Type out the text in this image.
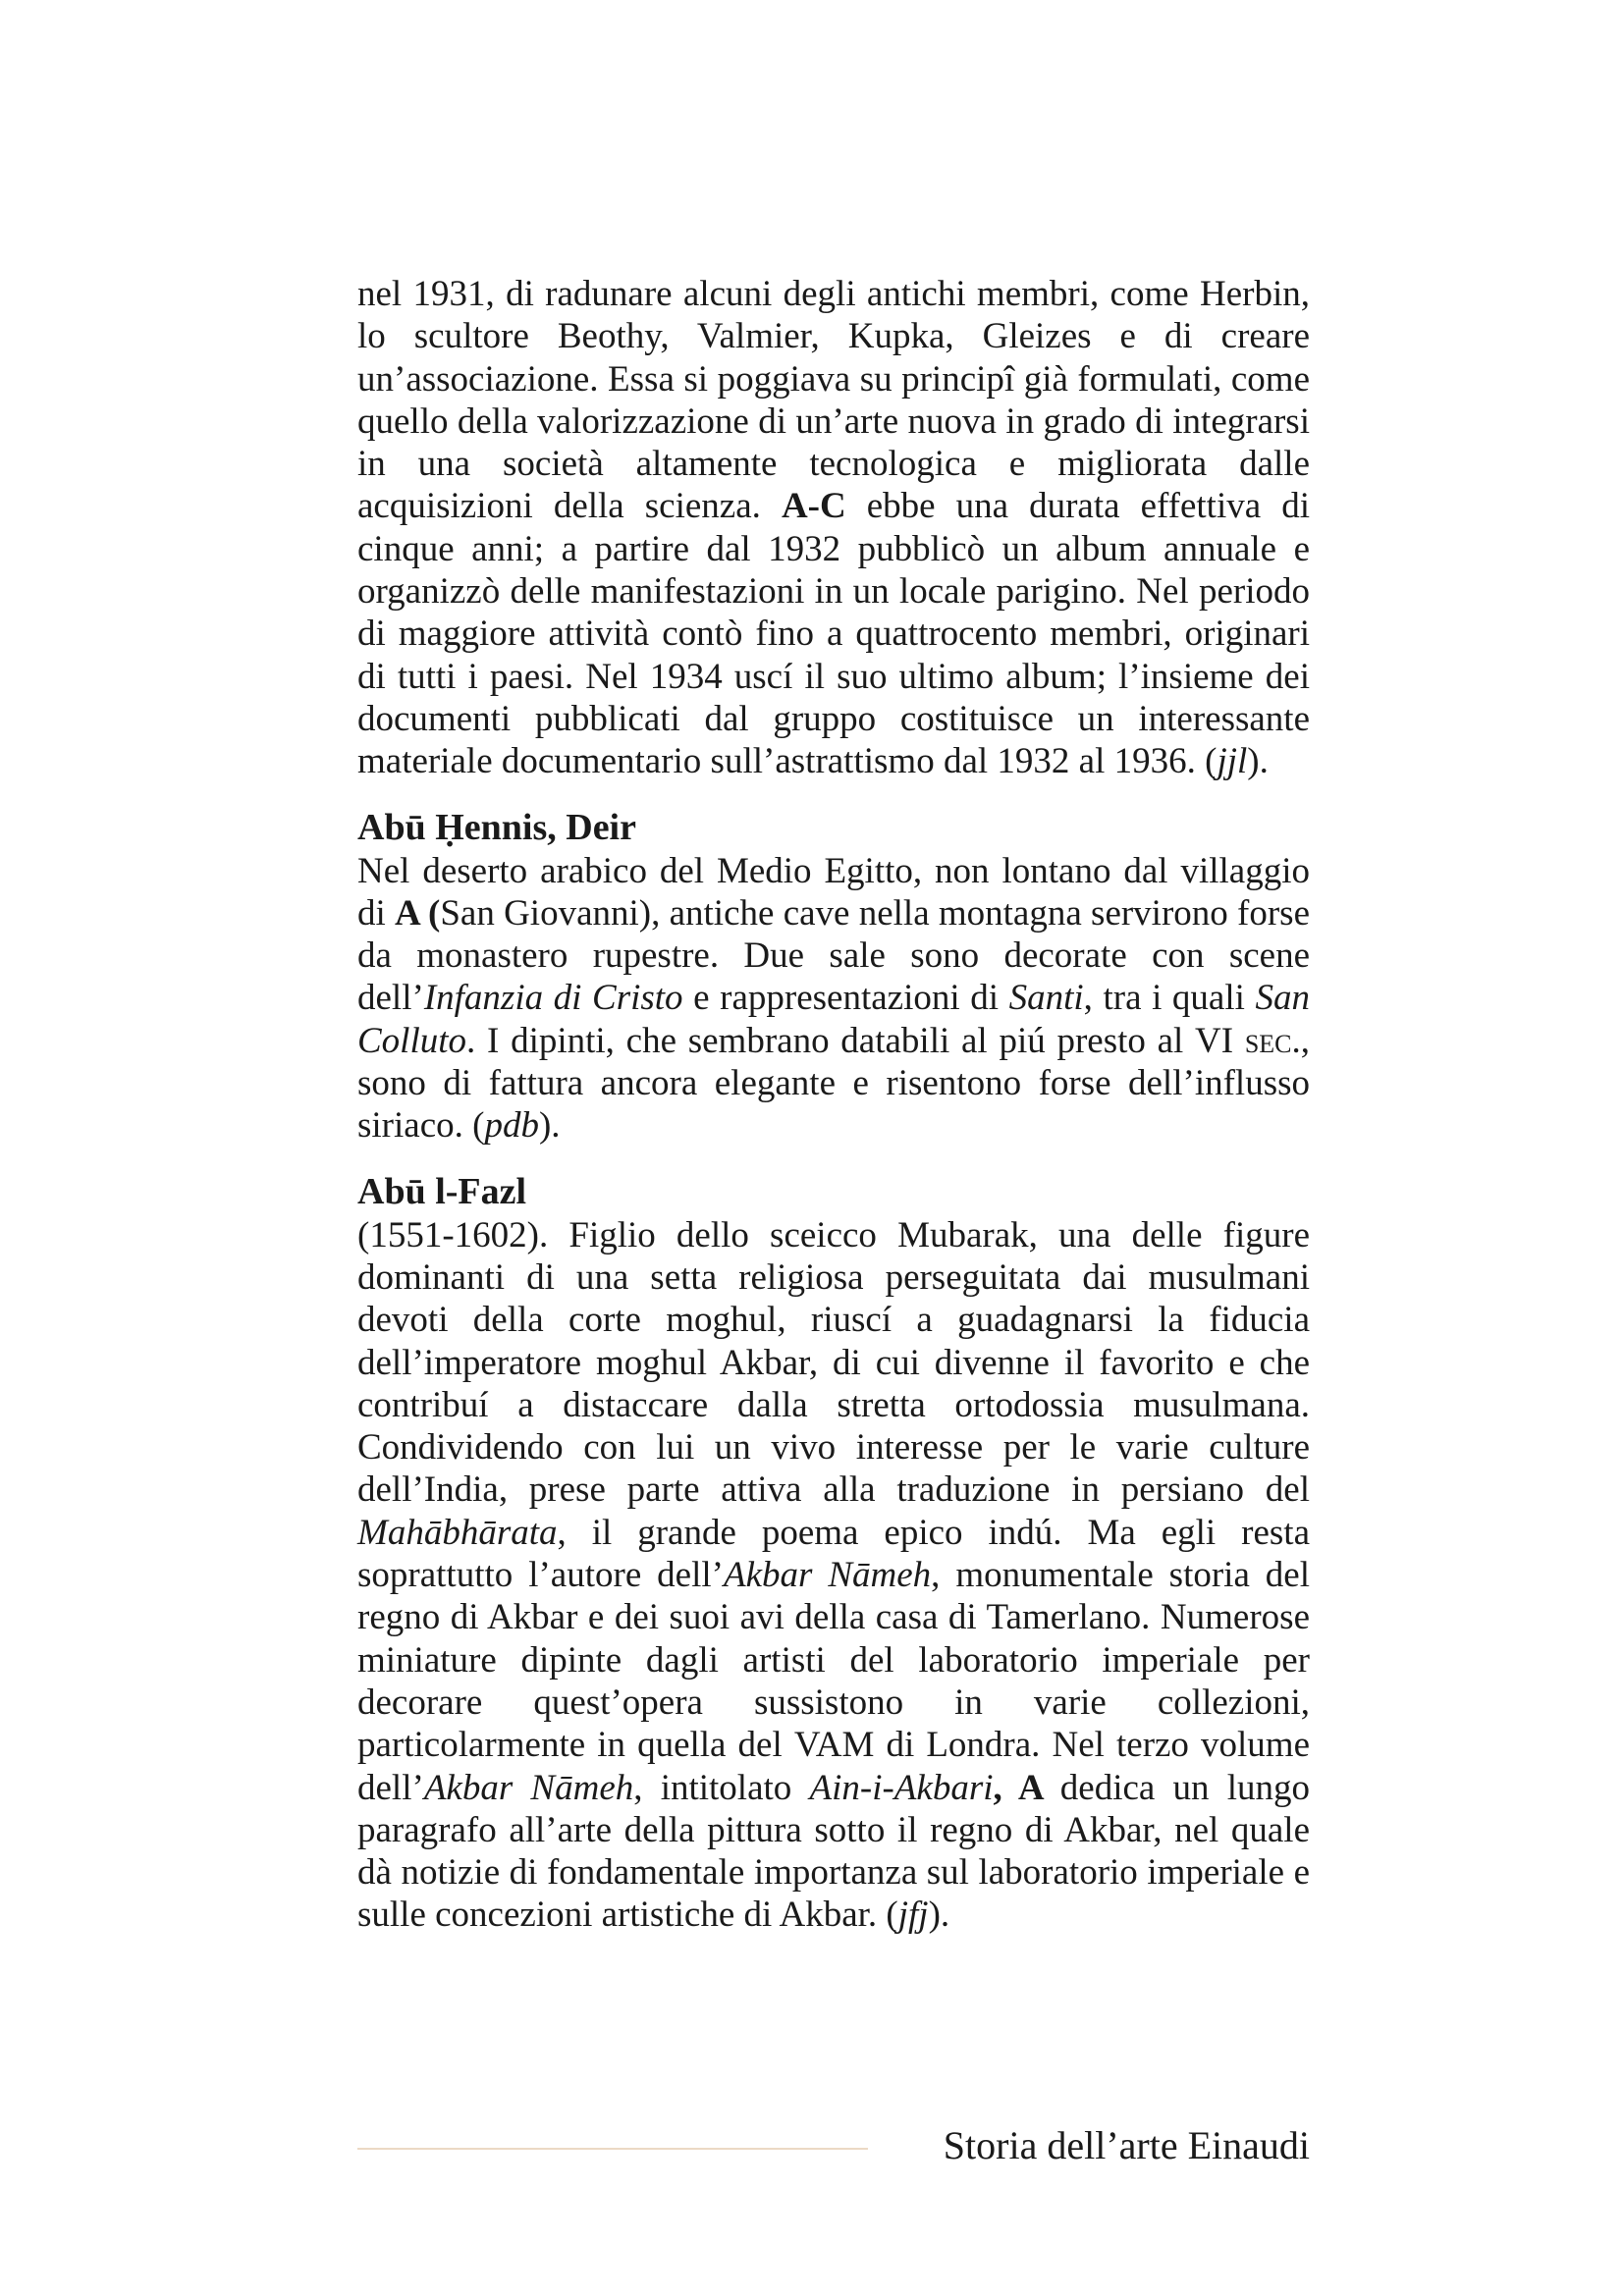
nel 1931, di radunare alcuni degli antichi membri, come Herbin, lo scultore Beothy, Valmier, Kupka, Gleizes e di creare un’associazione. Essa si poggiava su principî già formulati, come quello della valorizzazione di un’arte nuova in grado di integrarsi in una società altamente tecnologica e migliorata dalle acquisizioni della scienza. A-C ebbe una durata effettiva di cinque anni; a partire dal 1932 pubblicò un album annuale e organizzò delle manifestazioni in un locale parigino. Nel periodo di maggiore attività contò fino a quattrocento membri, originari di tutti i paesi. Nel 1934 uscí il suo ultimo album; l’insieme dei documenti pubblicati dal gruppo costituisce un interessante materiale documentario sull’astrattismo dal 1932 al 1936. (jjl).

Abū Ḥennis, Deir

Nel deserto arabico del Medio Egitto, non lontano dal villaggio di A (San Giovanni), antiche cave nella montagna servirono forse da monastero rupestre. Due sale sono decorate con scene dell’Infanzia di Cristo e rappresentazioni di Santi, tra i quali San Colluto. I dipinti, che sembrano databili al piú presto al VI sec., sono di fattura ancora elegante e risentono forse dell’influsso siriaco. (pdb).

Abū l-Fazl

(1551-1602). Figlio dello sceicco Mubarak, una delle figure dominanti di una setta religiosa perseguitata dai musulmani devoti della corte moghul, riuscí a guadagnarsi la fiducia dell’imperatore moghul Akbar, di cui divenne il favorito e che contribuí a distaccare dalla stretta ortodossia musulmana. Condividendo con lui un vivo interesse per le varie culture dell’India, prese parte attiva alla traduzione in persiano del Mahābhārata, il grande poema epico indú. Ma egli resta soprattutto l’autore dell’Akbar Nāmeh, monumentale storia del regno di Akbar e dei suoi avi della casa di Tamerlano. Numerose miniature dipinte dagli artisti del laboratorio imperiale per decorare quest’opera sussistono in varie collezioni, particolarmente in quella del VAM di Londra. Nel terzo volume dell’Akbar Nāmeh, intitolato Ain-i-Akbari, A dedica un lungo paragrafo all’arte della pittura sotto il regno di Akbar, nel quale dà notizie di fondamentale importanza sul laboratorio imperiale e sulle concezioni artistiche di Akbar. (jfj).

Storia dell’arte Einaudi
